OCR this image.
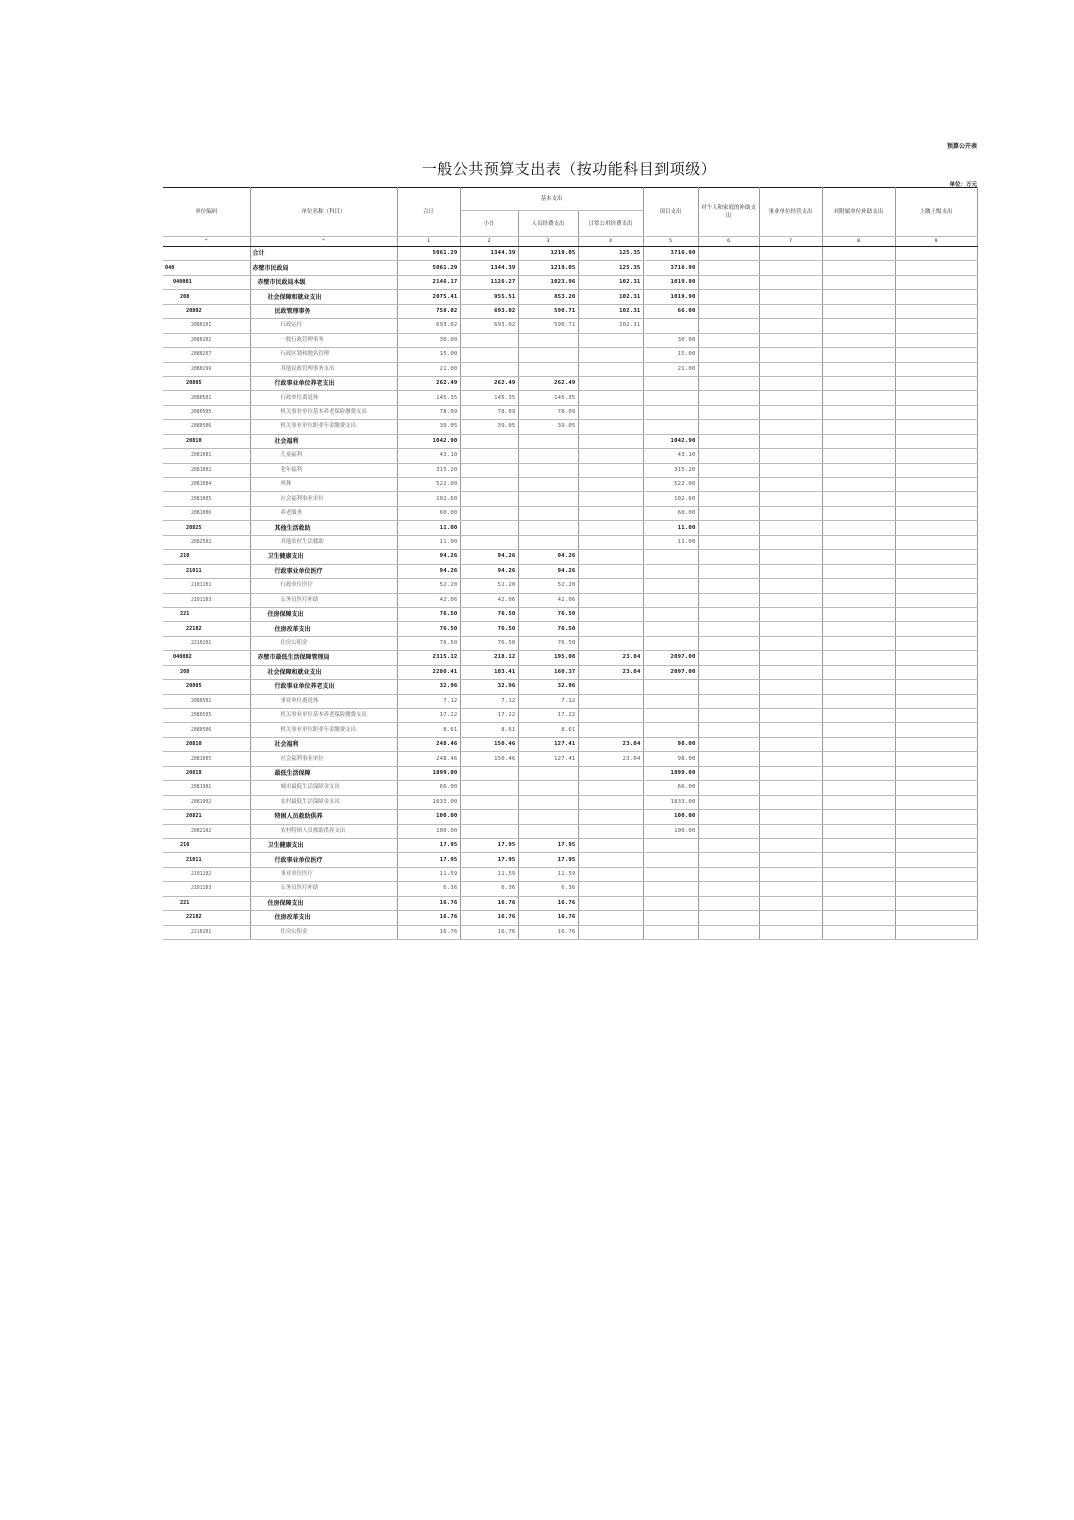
预算公开表
一般公共预算支出表（按功能科目到项级）
单位：万元
单位编码	单位名称（科目）	合计	基本支出			项目支出	对个人和家庭的补助支出	事业单位经营支出	对附属单位补助支出	上缴上级支出
			小计	人员经费支出	日常公用经费支出					
*	*	1	2	3	4	5	6	7	8	9
	合计	5061.29	1344.39	1219.05	125.35	3716.90				
040	赤壁市民政局	5061.29	1344.39	1219.05	125.35	3716.90				
040001	赤壁市民政局本级	2146.17	1126.27	1023.96	102.31	1019.90				
208	社会保障和就业支出	2075.41	955.51	853.20	102.31	1019.90				
20802	民政管理事务	758.02	693.02	590.71	102.31	66.00				
2080201	行政运行	693.02	693.02	590.71	102.31					
2080202	一般行政管理事务	30.00				30.00				
2080207	行政区划和地名管理	15.00				15.00				
2080299	其他民政管理事务支出	21.00				21.00				
20805	行政事业单位养老支出	262.49	262.49	262.49						
2080501	行政单位离退休	145.35	145.35	145.35						
2080505	机关事业单位基本养老保险缴费支出	78.09	78.09	78.09						
2080506	机关事业单位职业年金缴费支出	39.05	39.05	39.05						
20810	社会福利	1042.90				1042.90				
2081001	儿童福利	43.10				43.10				
2081002	老年福利	315.20				315.20				
2081004	殡葬	522.00				522.00				
2081005	社会福利事业单位	102.60				102.60				
2081006	养老服务	60.00				60.00				
20825	其他生活救助	11.00				11.00				
2082502	其他农村生活救助	11.00				11.00				
210	卫生健康支出	94.26	94.26	94.26						
21011	行政事业单位医疗	94.26	94.26	94.26						
2101101	行政单位医疗	52.20	52.20	52.20						
2101103	公务员医疗补助	42.06	42.06	42.06						
221	住房保障支出	76.50	76.50	76.50						
22102	住房改革支出	76.50	76.50	76.50						
2210201	住房公积金	76.50	76.50	76.50						
040002	赤壁市最低生活保障管理局	2315.12	218.12	195.08	23.04	2097.00				
208	社会保障和就业支出	2280.41	183.41	160.37	23.04	2097.00				
20805	行政事业单位养老支出	32.96	32.96	32.96						
2080502	事业单位离退休	7.12	7.12	7.12						
2080505	机关事业单位基本养老保险缴费支出	17.22	17.22	17.22						
2080506	机关事业单位职业年金缴费支出	8.61	8.61	8.61						
20810	社会福利	248.46	150.46	127.41	23.04	98.00				
2081005	社会福利事业单位	248.46	150.46	127.41	23.04	98.00				
20819	最低生活保障	1899.00				1899.00				
2081901	城市最低生活保障金支出	66.00				66.00				
2081902	农村最低生活保障金支出	1833.00				1833.00				
20821	特困人员救助供养	100.00				100.00				
2082102	农村特困人员救助供养支出	100.00				100.00				
210	卫生健康支出	17.95	17.95	17.95						
21011	行政事业单位医疗	17.95	17.95	17.95						
2101102	事业单位医疗	11.59	11.59	11.59						
2101103	公务员医疗补助	6.36	6.36	6.36						
221	住房保障支出	16.76	16.76	16.76						
22102	住房改革支出	16.76	16.76	16.76						
2210201	住房公积金	16.76	16.76	16.76						
